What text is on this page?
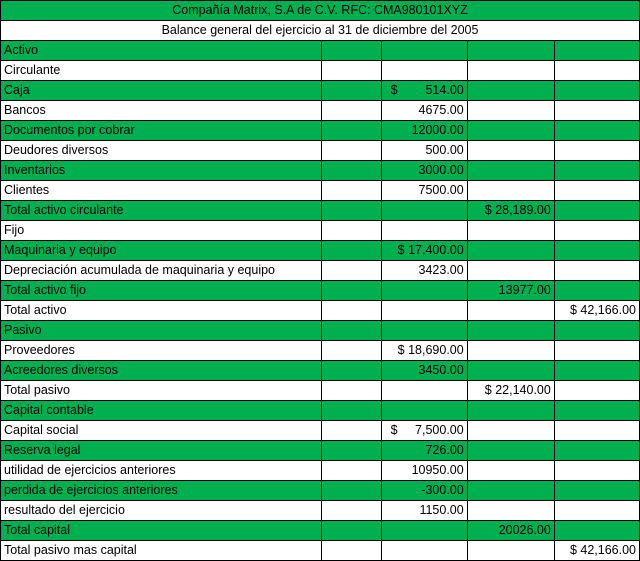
Compañía Matrix, S.A de C.V. RFC: CMA980101XYZ				
Balance general del ejercicio al 31 de diciembre del 2005				
Activo				
Circulante				
Caja		$ 514.00		
Bancos		4675.00		
Documentos por cobrar		12000.00		
Deudores diversos		500.00		
Inventarios		3000.00		
Clientes		7500.00		
Total activo circulante			$ 28,189.00	
Fijo				
Maquinaria y equipo		$ 17,400.00		
Depreciación acumulada de maquinaria y equipo		3423.00		
Total activo fijo			13977.00	
Total activo				$ 42,166.00
Pasivo				
Proveedores		$ 18,690.00		
Acreedores diversos		3450.00		
Total pasivo			$ 22,140.00	
Capital contable				
Capital social		$ 7,500.00		
Reserva legal		726.00		
utilidad de ejercicios anteriores		10950.00		
perdida de ejercicios anteriores		-300.00		
resultado del ejercicio		1150.00		
Total capital			20026.00	
Total pasivo mas capital				$ 42,166.00
